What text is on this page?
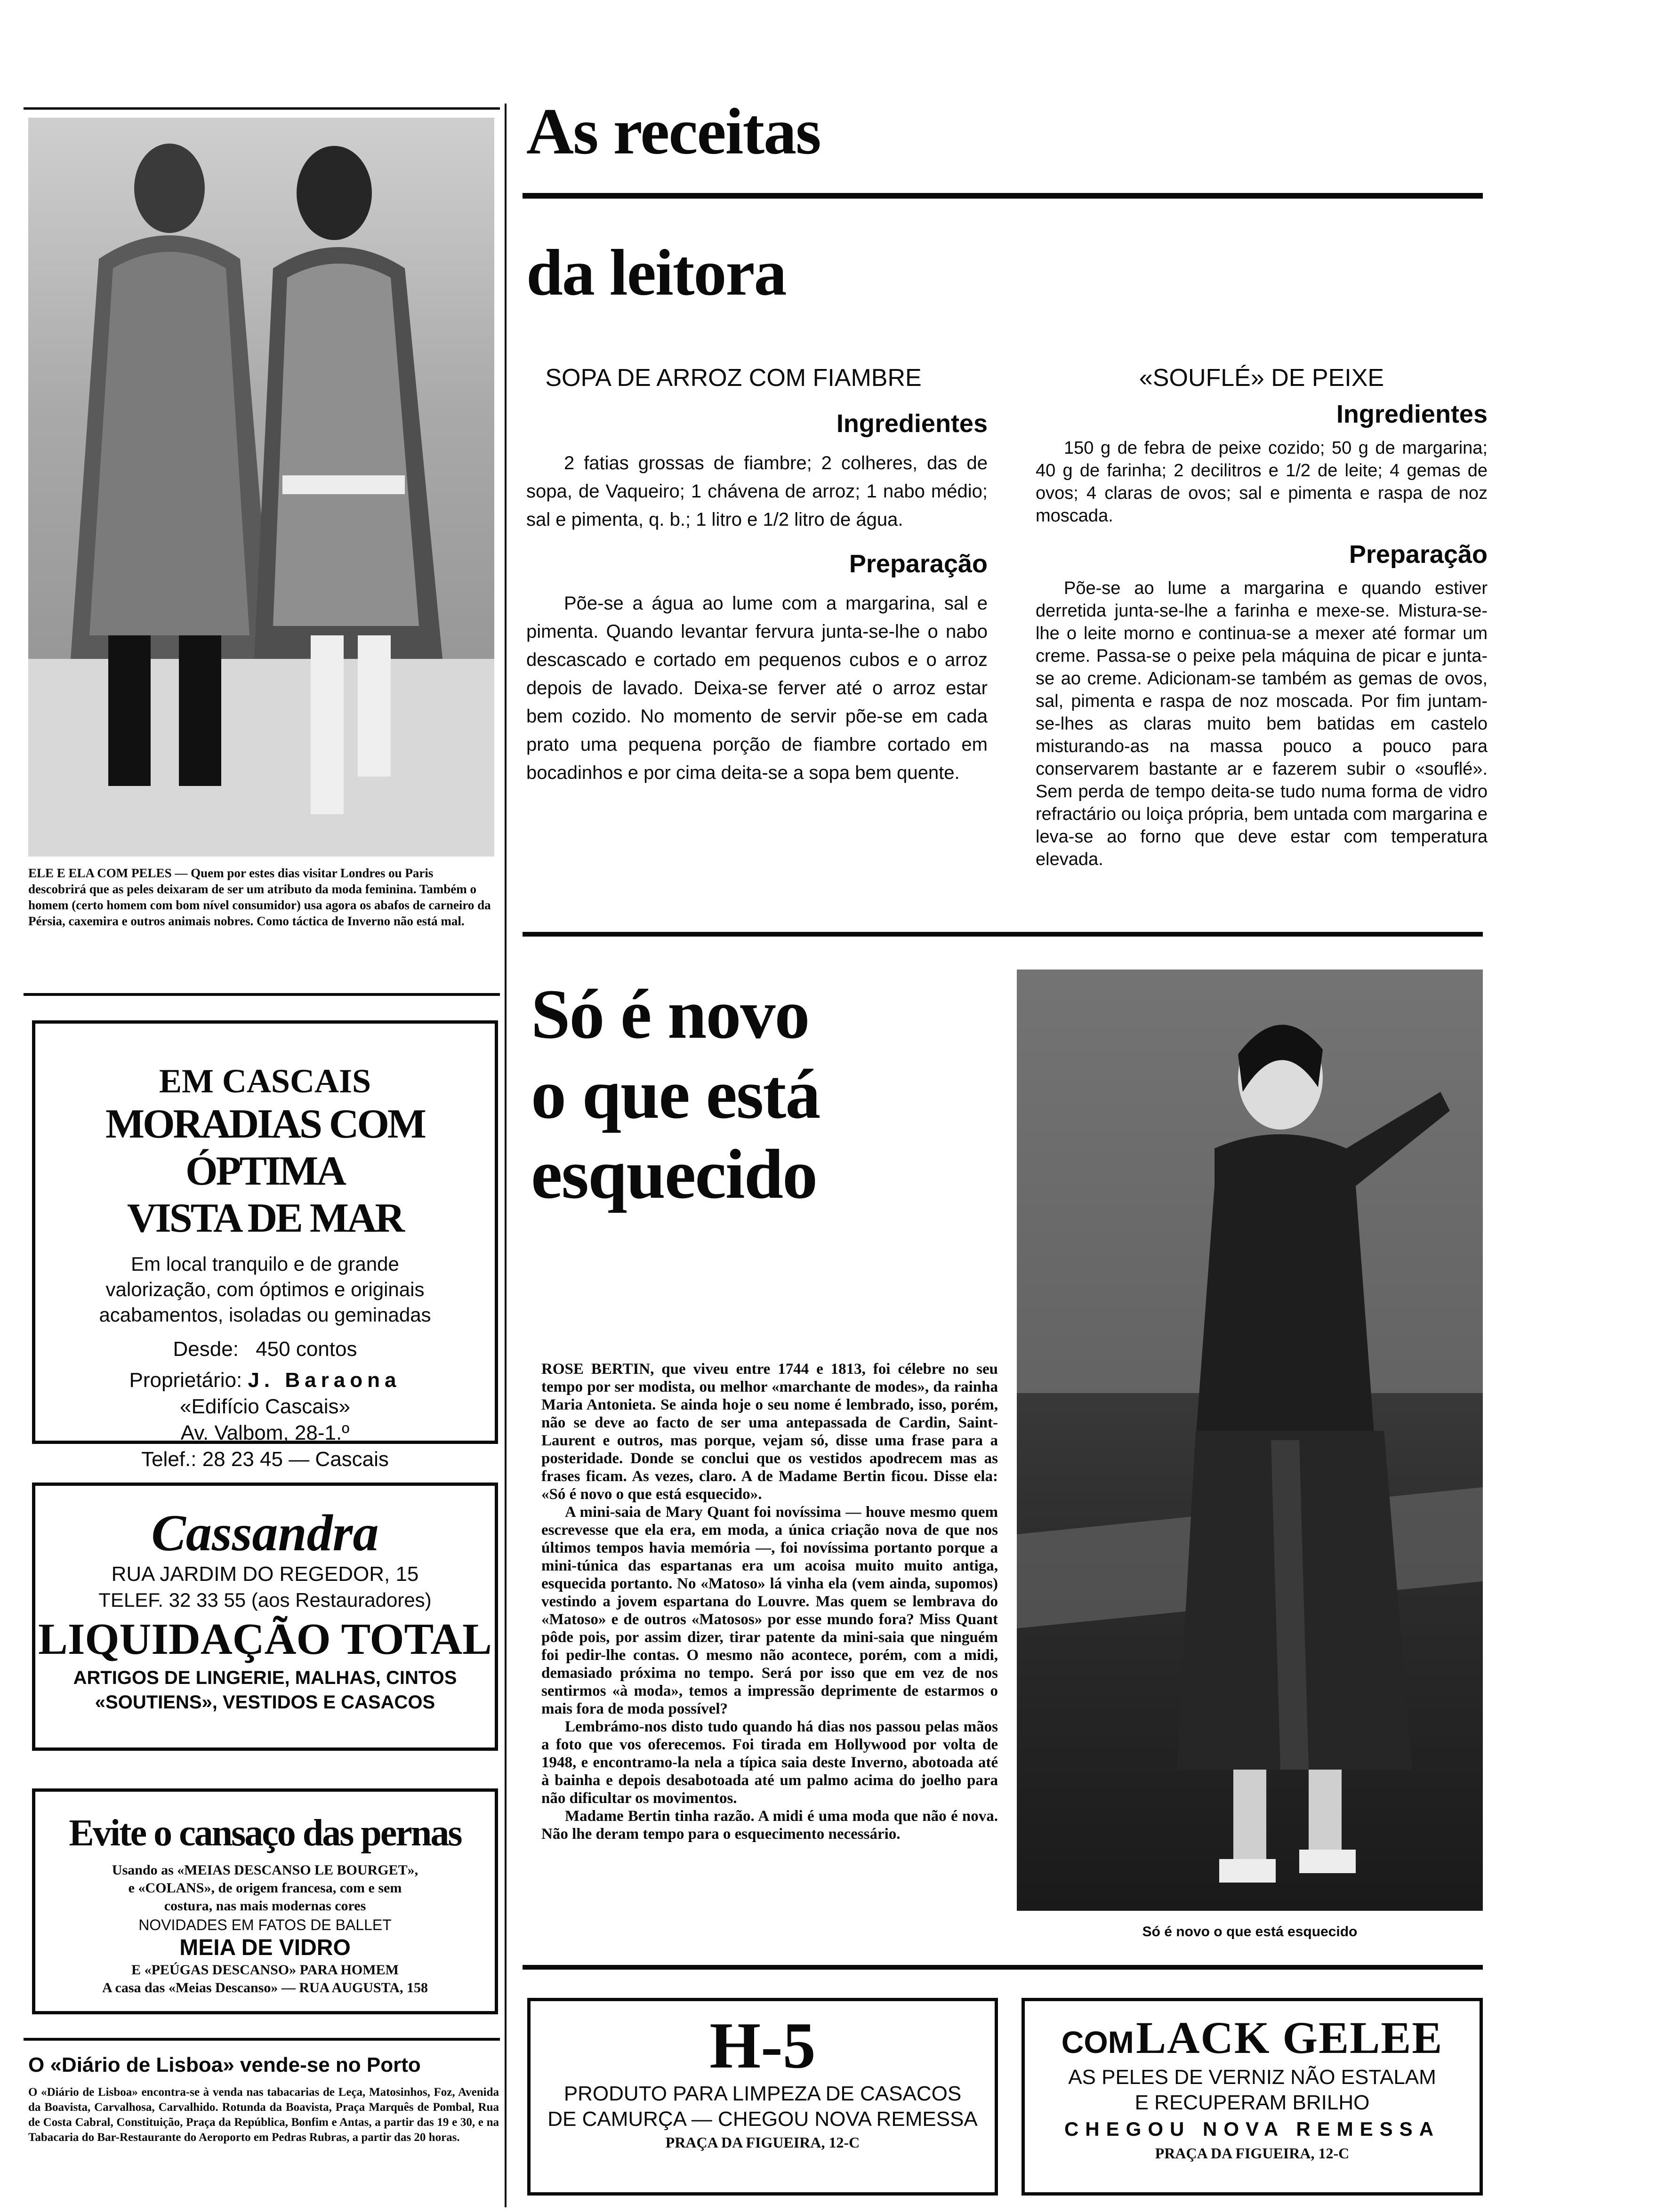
ELE E ELA COM PELES — Quem por estes dias visitar Londres ou Paris descobrirá que as peles deixaram de ser um atributo da moda feminina. Também o homem (certo homem com bom nível consumidor) usa agora os abafos de carneiro da Pérsia, caxemira e outros animais nobres. Como táctica de Inverno não está mal.
EM CASCAIS
MORADIAS COM ÓPTIMA
VISTA DE MAR
Em local tranquilo e de grande valorização, com óptimos e originais acabamentos, isoladas ou geminadas
Desde: 450 contos
Proprietário: J. Baraona
«Edifício Cascais»
Av. Valbom, 28-1.º
Telef.: 28 23 45 — Cascais
Cassandra
RUA JARDIM DO REGEDOR, 15
TELEF. 32 33 55 (aos Restauradores)
LIQUIDAÇÃO TOTAL
ARTIGOS DE LINGERIE, MALHAS, CINTOS
«SOUTIENS», VESTIDOS E CASACOS
Evite o cansaço das pernas
Usando as «MEIAS DESCANSO LE BOURGET»,
e «COLANS», de origem francesa, com e sem
costura, nas mais modernas cores
NOVIDADES EM FATOS DE BALLET
MEIA DE VIDRO
E «PEÚGAS DESCANSO» PARA HOMEM
A casa das «Meias Descanso» — RUA AUGUSTA, 158
O «Diário de Lisboa» vende-se no Porto
O «Diário de Lisboa» encontra-se à venda nas tabacarias de Leça, Matosinhos, Foz, Avenida da Boavista, Carvalhosa, Carvalhido. Rotunda da Boavista, Praça Marquês de Pombal, Rua de Costa Cabral, Constituição, Praça da República, Bonfim e Antas, a partir das 19 e 30, e na Tabacaria do Bar-Restaurante do Aeroporto em Pedras Rubras, a partir das 20 horas.
As receitas
da leitora
SOPA DE ARROZ COM FIAMBRE
Ingredientes
2 fatias grossas de fiambre; 2 colheres, das de sopa, de Vaqueiro; 1 chávena de arroz; 1 nabo médio; sal e pimenta, q. b.; 1 litro e 1/2 litro de água.
Preparação
Põe-se a água ao lume com a margarina, sal e pimenta. Quando levantar fervura junta-se-lhe o nabo descascado e cortado em pequenos cubos e o arroz depois de lavado. Deixa-se ferver até o arroz estar bem cozido. No momento de servir põe-se em cada prato uma pequena porção de fiambre cortado em bocadinhos e por cima deita-se a sopa bem quente.
«SOUFLÉ» DE PEIXE
Ingredientes
150 g de febra de peixe cozido; 50 g de margarina; 40 g de farinha; 2 decilitros e 1/2 de leite; 4 gemas de ovos; 4 claras de ovos; sal e pimenta e raspa de noz moscada.
Preparação
Põe-se ao lume a margarina e quando estiver derretida junta-se-lhe a farinha e mexe-se. Mistura-se-lhe o leite morno e continua-se a mexer até formar um creme. Passa-se o peixe pela máquina de picar e junta-se ao creme. Adicionam-se também as gemas de ovos, sal, pimenta e raspa de noz moscada. Por fim juntam-se-lhes as claras muito bem batidas em castelo misturando-as na massa pouco a pouco para conservarem bastante ar e fazerem subir o «souflé». Sem perda de tempo deita-se tudo numa forma de vidro refractário ou loiça própria, bem untada com margarina e leva-se ao forno que deve estar com temperatura elevada.
Só é novo
o que está
esquecido

ROSE BERTIN, que viveu entre 1744 e 1813, foi célebre no seu tempo por ser modista, ou melhor «marchante de modes», da rainha Maria Antonieta. Se ainda hoje o seu nome é lembrado, isso, porém, não se deve ao facto de ser uma antepassada de Cardin, Saint-Laurent e outros, mas porque, vejam só, disse uma frase para a posteridade. Donde se conclui que os vestidos apodrecem mas as frases ficam. As vezes, claro. A de Madame Bertin ficou. Disse ela: «Só é novo o que está esquecido».

A mini-saia de Mary Quant foi novíssima — houve mesmo quem escrevesse que ela era, em moda, a única criação nova de que nos últimos tempos havia memória —, foi novíssima portanto porque a mini-túnica das espartanas era um acoisa muito muito antiga, esquecida portanto. No «Matoso» lá vinha ela (vem ainda, supomos) vestindo a jovem espartana do Louvre. Mas quem se lembrava do «Matoso» e de outros «Matosos» por esse mundo fora? Miss Quant pôde pois, por assim dizer, tirar patente da mini-saia que ninguém foi pedir-lhe contas. O mesmo não acontece, porém, com a midi, demasiado próxima no tempo. Será por isso que em vez de nos sentirmos «à moda», temos a impressão deprimente de estarmos o mais fora de moda possível?

Lembrámo-nos disto tudo quando há dias nos passou pelas mãos a foto que vos oferecemos. Foi tirada em Hollywood por volta de 1948, e encontramo-la nela a típica saia deste Inverno, abotoada até à bainha e depois desabotoada até um palmo acima do joelho para não dificultar os movimentos.

Madame Bertin tinha razão. A midi é uma moda que não é nova. Não lhe deram tempo para o esquecimento necessário.

Só é novo o que está esquecido
H-5
PRODUTO PARA LIMPEZA DE CASACOS
DE CAMURÇA — CHEGOU NOVA REMESSA
PRAÇA DA FIGUEIRA, 12-C
COM LACK GELEE
AS PELES DE VERNIZ NÃO ESTALAM
E RECUPERAM BRILHO
CHEGOU NOVA REMESSA
PRAÇA DA FIGUEIRA, 12-C
